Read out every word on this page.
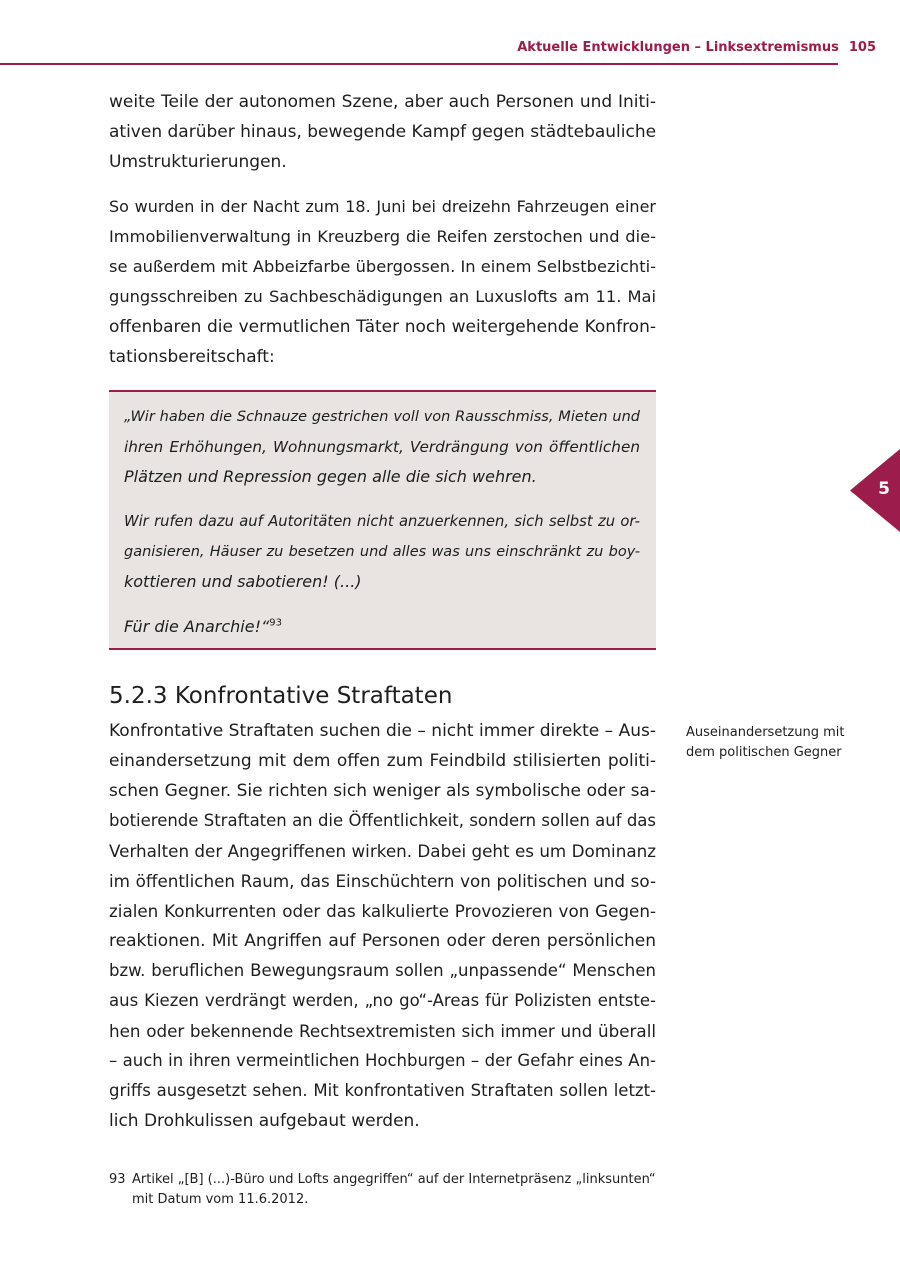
Aktuelle Entwicklungen – Linksextremismus 105
5

weite Teile der autonomen Szene, aber auch Personen und Initi-
ativen darüber hinaus, bewegende Kampf gegen städtebauliche
Umstrukturierungen.

So wurden in der Nacht zum 18. Juni bei dreizehn Fahrzeugen einer
Immobilienverwaltung in Kreuzberg die Reifen zerstochen und die-
se außerdem mit Abbeizfarbe übergossen. In einem Selbstbezichti-
gungsschreiben zu Sachbeschädigungen an Luxuslofts am 11. Mai
offenbaren die vermutlichen Täter noch weitergehende Konfron-
tationsbereitschaft:

„Wir haben die Schnauze gestrichen voll von Rausschmiss, Mieten und
ihren Erhöhungen, Wohnungsmarkt, Verdrängung von öffentlichen
Plätzen und Repression gegen alle die sich wehren.

Wir rufen dazu auf Autoritäten nicht anzuerkennen, sich selbst zu or-
ganisieren, Häuser zu besetzen und alles was uns einschränkt zu boy-
kottieren und sabotieren! (...)

Für die Anarchie!“$^{93}$

5.2.3 Konfrontative Straftaten
Auseinandersetzung mit
dem politischen Gegner

Konfrontative Straftaten suchen die – nicht immer direkte – Aus-
einandersetzung mit dem offen zum Feindbild stilisierten politi-
schen Gegner. Sie richten sich weniger als symbolische oder sa-
botierende Straftaten an die Öffentlichkeit, sondern sollen auf das
Verhalten der Angegriffenen wirken. Dabei geht es um Dominanz
im öffentlichen Raum, das Einschüchtern von politischen und so-
zialen Konkurrenten oder das kalkulierte Provozieren von Gegen-
reaktionen. Mit Angriffen auf Personen oder deren persönlichen
bzw. beruflichen Bewegungsraum sollen „unpassende“ Menschen
aus Kiezen verdrängt werden, „no go“-Areas für Polizisten entste-
hen oder bekennende Rechtsextremisten sich immer und überall
– auch in ihren vermeintlichen Hochburgen – der Gefahr eines An-
griffs ausgesetzt sehen. Mit konfrontativen Straftaten sollen letzt-
lich Drohkulissen aufgebaut werden.

93 Artikel „[B] (...)-Büro und Lofts angegriffen“ auf der Internetpräsenz „linksunten“
mit Datum vom 11.6.2012.
